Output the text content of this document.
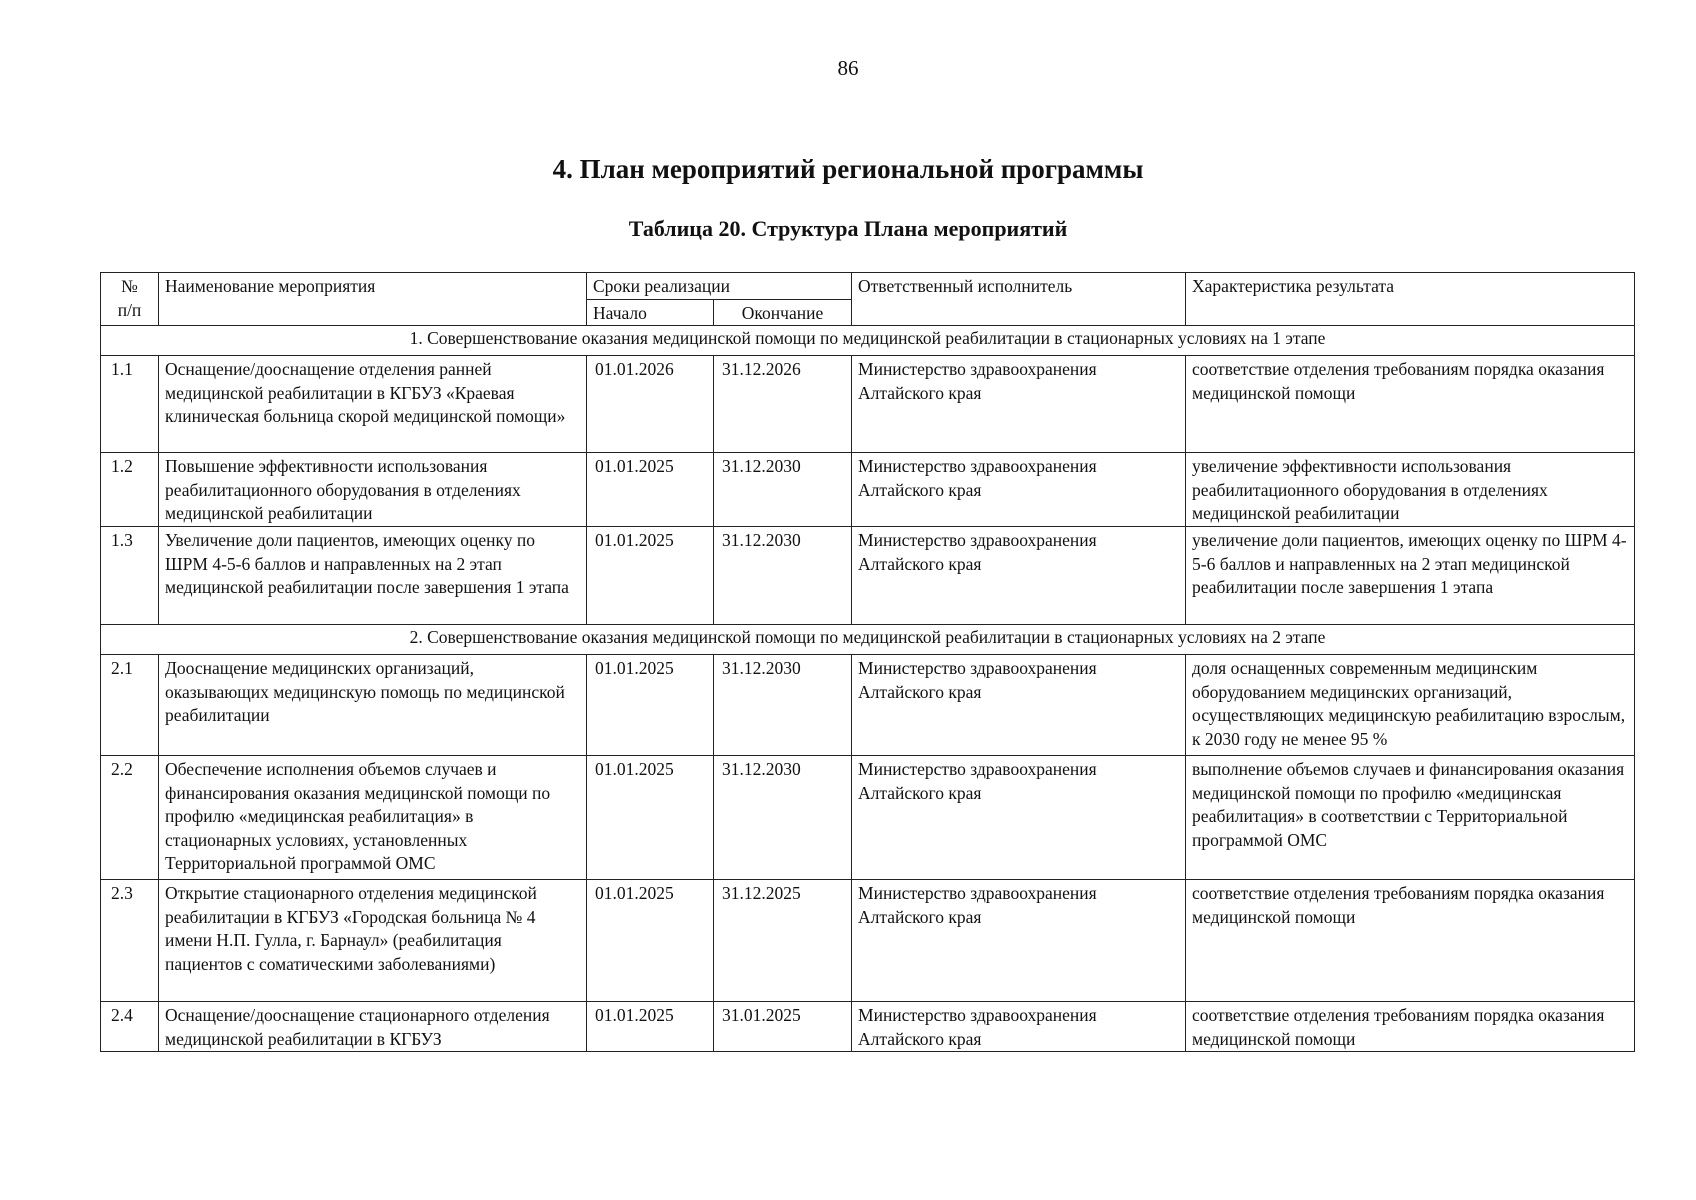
86
4. План мероприятий региональной программы
Таблица 20. Структура Плана мероприятий
№
п/п	Наименование мероприятия	Сроки реализации		Ответственный исполнитель	Характеристика результата
		Начало	Окончание		
1. Совершенствование оказания медицинской помощи по медицинской реабилитации в стационарных условиях на 1 этапе					
1.1	Оснащение/дооснащение отделения ранней медицинской реабилитации в КГБУЗ «Краевая клиническая больница скорой медицинской помощи»	01.01.2026	31.12.2026	Министерство здравоохранения Алтайского края	соответствие отделения требованиям порядка оказания медицинской помощи
1.2	Повышение эффективности использования реабилитационного оборудования в отделениях медицинской реабилитации	01.01.2025	31.12.2030	Министерство здравоохранения Алтайского края	увеличение эффективности использования реабилитационного оборудования в отделениях медицинской реабилитации
1.3	Увеличение доли пациентов, имеющих оценку по ШРМ 4-5-6 баллов и направленных на 2 этап медицинской реабилитации после завершения 1 этапа	01.01.2025	31.12.2030	Министерство здравоохранения Алтайского края	увеличение доли пациентов, имеющих оценку по ШРМ 4-5-6 баллов и направленных на 2 этап медицинской реабилитации после завершения 1 этапа
2. Совершенствование оказания медицинской помощи по медицинской реабилитации в стационарных условиях на 2 этапе					
2.1	Дооснащение медицинских организаций, оказывающих медицинскую помощь по медицинской реабилитации	01.01.2025	31.12.2030	Министерство здравоохранения Алтайского края	доля оснащенных современным медицинским оборудованием медицинских организаций, осуществляющих медицинскую реабилитацию взрослым, к 2030 году не менее 95 %
2.2	Обеспечение исполнения объемов случаев и финансирования оказания медицинской помощи по профилю «медицинская реабилитация» в стационарных условиях, установленных Территориальной программой ОМС	01.01.2025	31.12.2030	Министерство здравоохранения Алтайского края	выполнение объемов случаев и финансирования оказания медицинской помощи по профилю «медицинская реабилитация» в соответствии с Территориальной программой ОМС
2.3	Открытие стационарного отделения медицинской реабилитации в КГБУЗ «Городская больница № 4 имени Н.П. Гулла, г. Барнаул» (реабилитация пациентов с соматическими заболеваниями)	01.01.2025	31.12.2025	Министерство здравоохранения Алтайского края	соответствие отделения требованиям порядка оказания медицинской помощи
2.4	Оснащение/дооснащение стационарного отделения медицинской реабилитации в КГБУЗ	01.01.2025	31.01.2025	Министерство здравоохранения Алтайского края	соответствие отделения требованиям порядка оказания медицинской помощи
